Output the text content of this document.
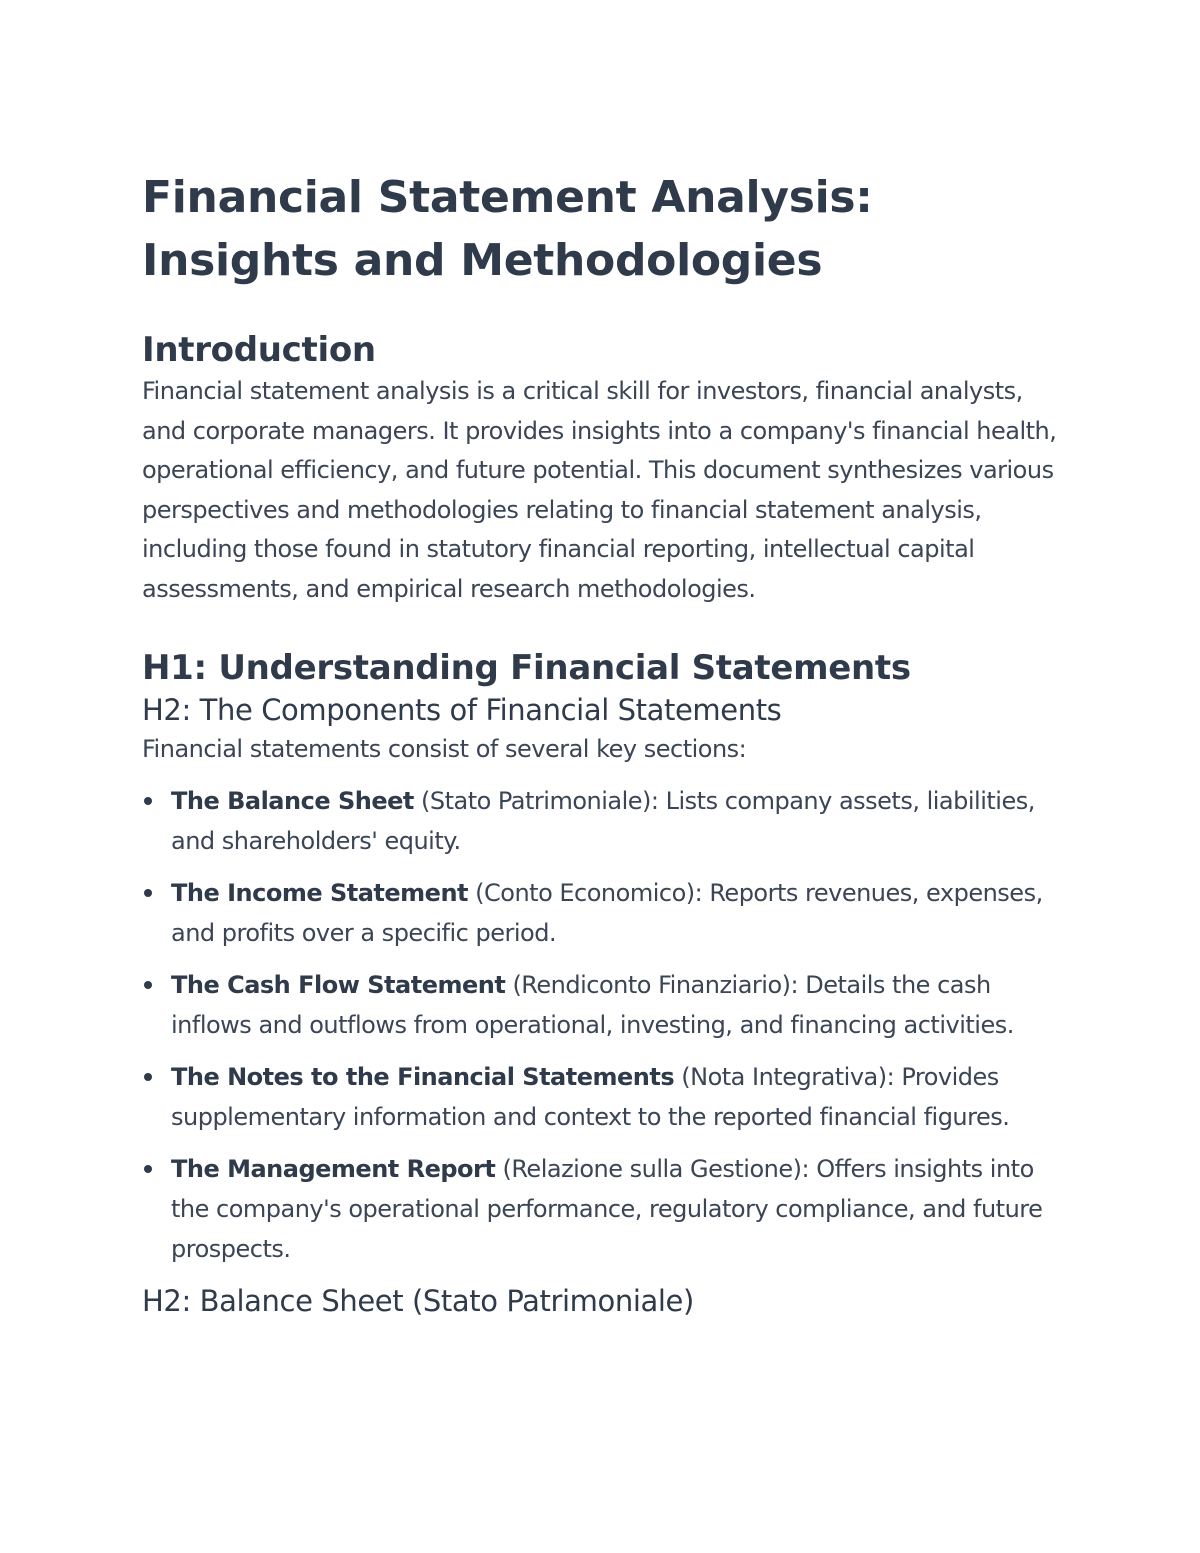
Financial Statement Analysis: Insights and Methodologies
Introduction

Financial statement analysis is a critical skill for investors, financial analysts, and corporate managers. It provides insights into a company's financial health, operational efficiency, and future potential. This document synthesizes various perspectives and methodologies relating to financial statement analysis, including those found in statutory financial reporting, intellectual capital assessments, and empirical research methodologies.

H1: Understanding Financial Statements
H2: The Components of Financial Statements

Financial statements consist of several key sections:

The Balance Sheet (Stato Patrimoniale): Lists company assets, liabilities, and shareholders' equity.
The Income Statement (Conto Economico): Reports revenues, expenses, and profits over a specific period.
The Cash Flow Statement (Rendiconto Finanziario): Details the cash inflows and outflows from operational, investing, and financing activities.
The Notes to the Financial Statements (Nota Integrativa): Provides supplementary information and context to the reported financial figures.
The Management Report (Relazione sulla Gestione): Offers insights into the company's operational performance, regulatory compliance, and future prospects.
H2: Balance Sheet (Stato Patrimoniale)
